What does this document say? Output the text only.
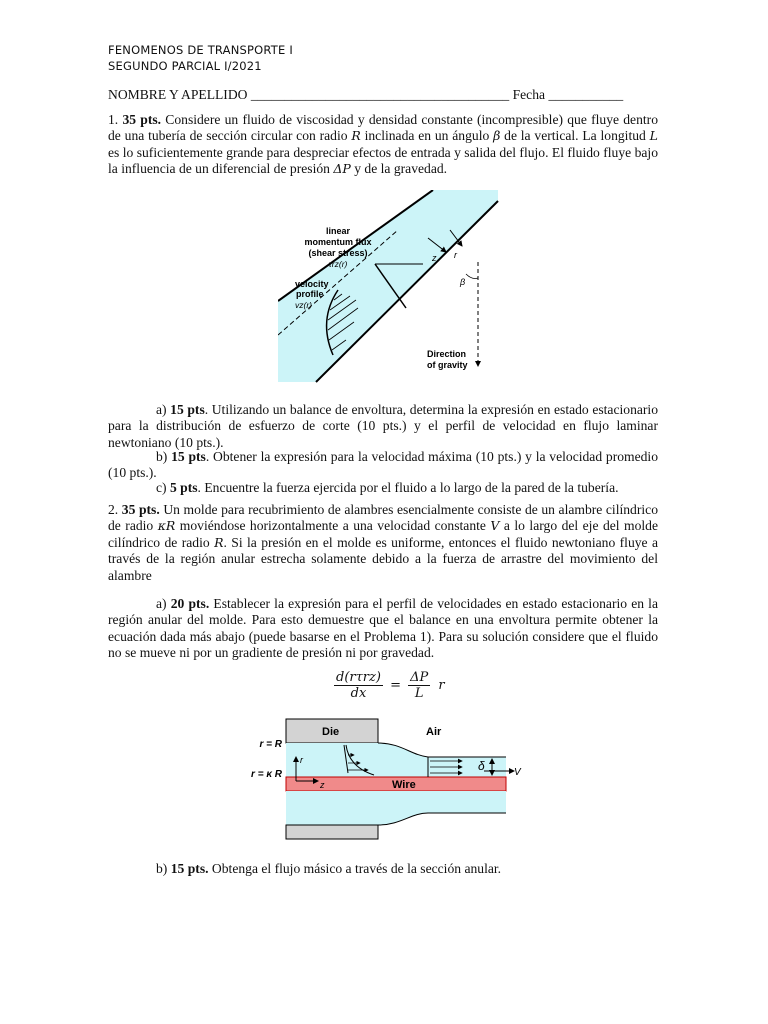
FENOMENOS DE TRANSPORTE I
SEGUNDO PARCIAL I/2021
NOMBRE Y APELLIDO ______________________________________ Fecha ___________
1. 35 pts. Considere un fluido de viscosidad y densidad constante (incompresible) que fluye dentro de una tubería de sección circular con radio R inclinada en un ángulo β de la vertical. La longitud L es lo suficientemente grande para despreciar efectos de entrada y salida del flujo. El fluido fluye bajo la influencia de un diferencial de presión ΔP y de la gravedad.
linear
momentum flux
(shear stress)
τrz(r)
velocity
profile
vz(r)
z r
β
Direction
of gravity
a) 15 pts. Utilizando un balance de envoltura, determina la expresión en estado estacionario para la distribución de esfuerzo de corte (10 pts.) y el perfil de velocidad en flujo laminar newtoniano (10 pts.).
b) 15 pts. Obtener la expresión para la velocidad máxima (10 pts.) y la velocidad promedio (10 pts.).
c) 5 pts. Encuentre la fuerza ejercida por el fluido a lo largo de la pared de la tubería.
2. 35 pts. Un molde para recubrimiento de alambres esencialmente consiste de un alambre cilíndrico de radio κR moviéndose horizontalmente a una velocidad constante V a lo largo del eje del molde cilíndrico de radio R. Si la presión en el molde es uniforme, entonces el fluido newtoniano fluye a través de la región anular estrecha solamente debido a la fuerza de arrastre del movimiento del alambre
a) 20 pts. Establecer la expresión para el perfil de velocidades en estado estacionario en la región anular del molde. Para esto demuestre que el balance en una envoltura permite obtener la ecuación dada más abajo (puede basarse en el Problema 1). Para su solución considere que el fluido no se mueve ni por un gradiente de presión ni por gravedad.
d(rτrz)
dx
= $\frac{\Delta P}{L}$ r
Die	Air
r = R
r = κ R
r
z	Wire
δ	V
b) 15 pts. Obtenga el flujo másico a través de la sección anular.
